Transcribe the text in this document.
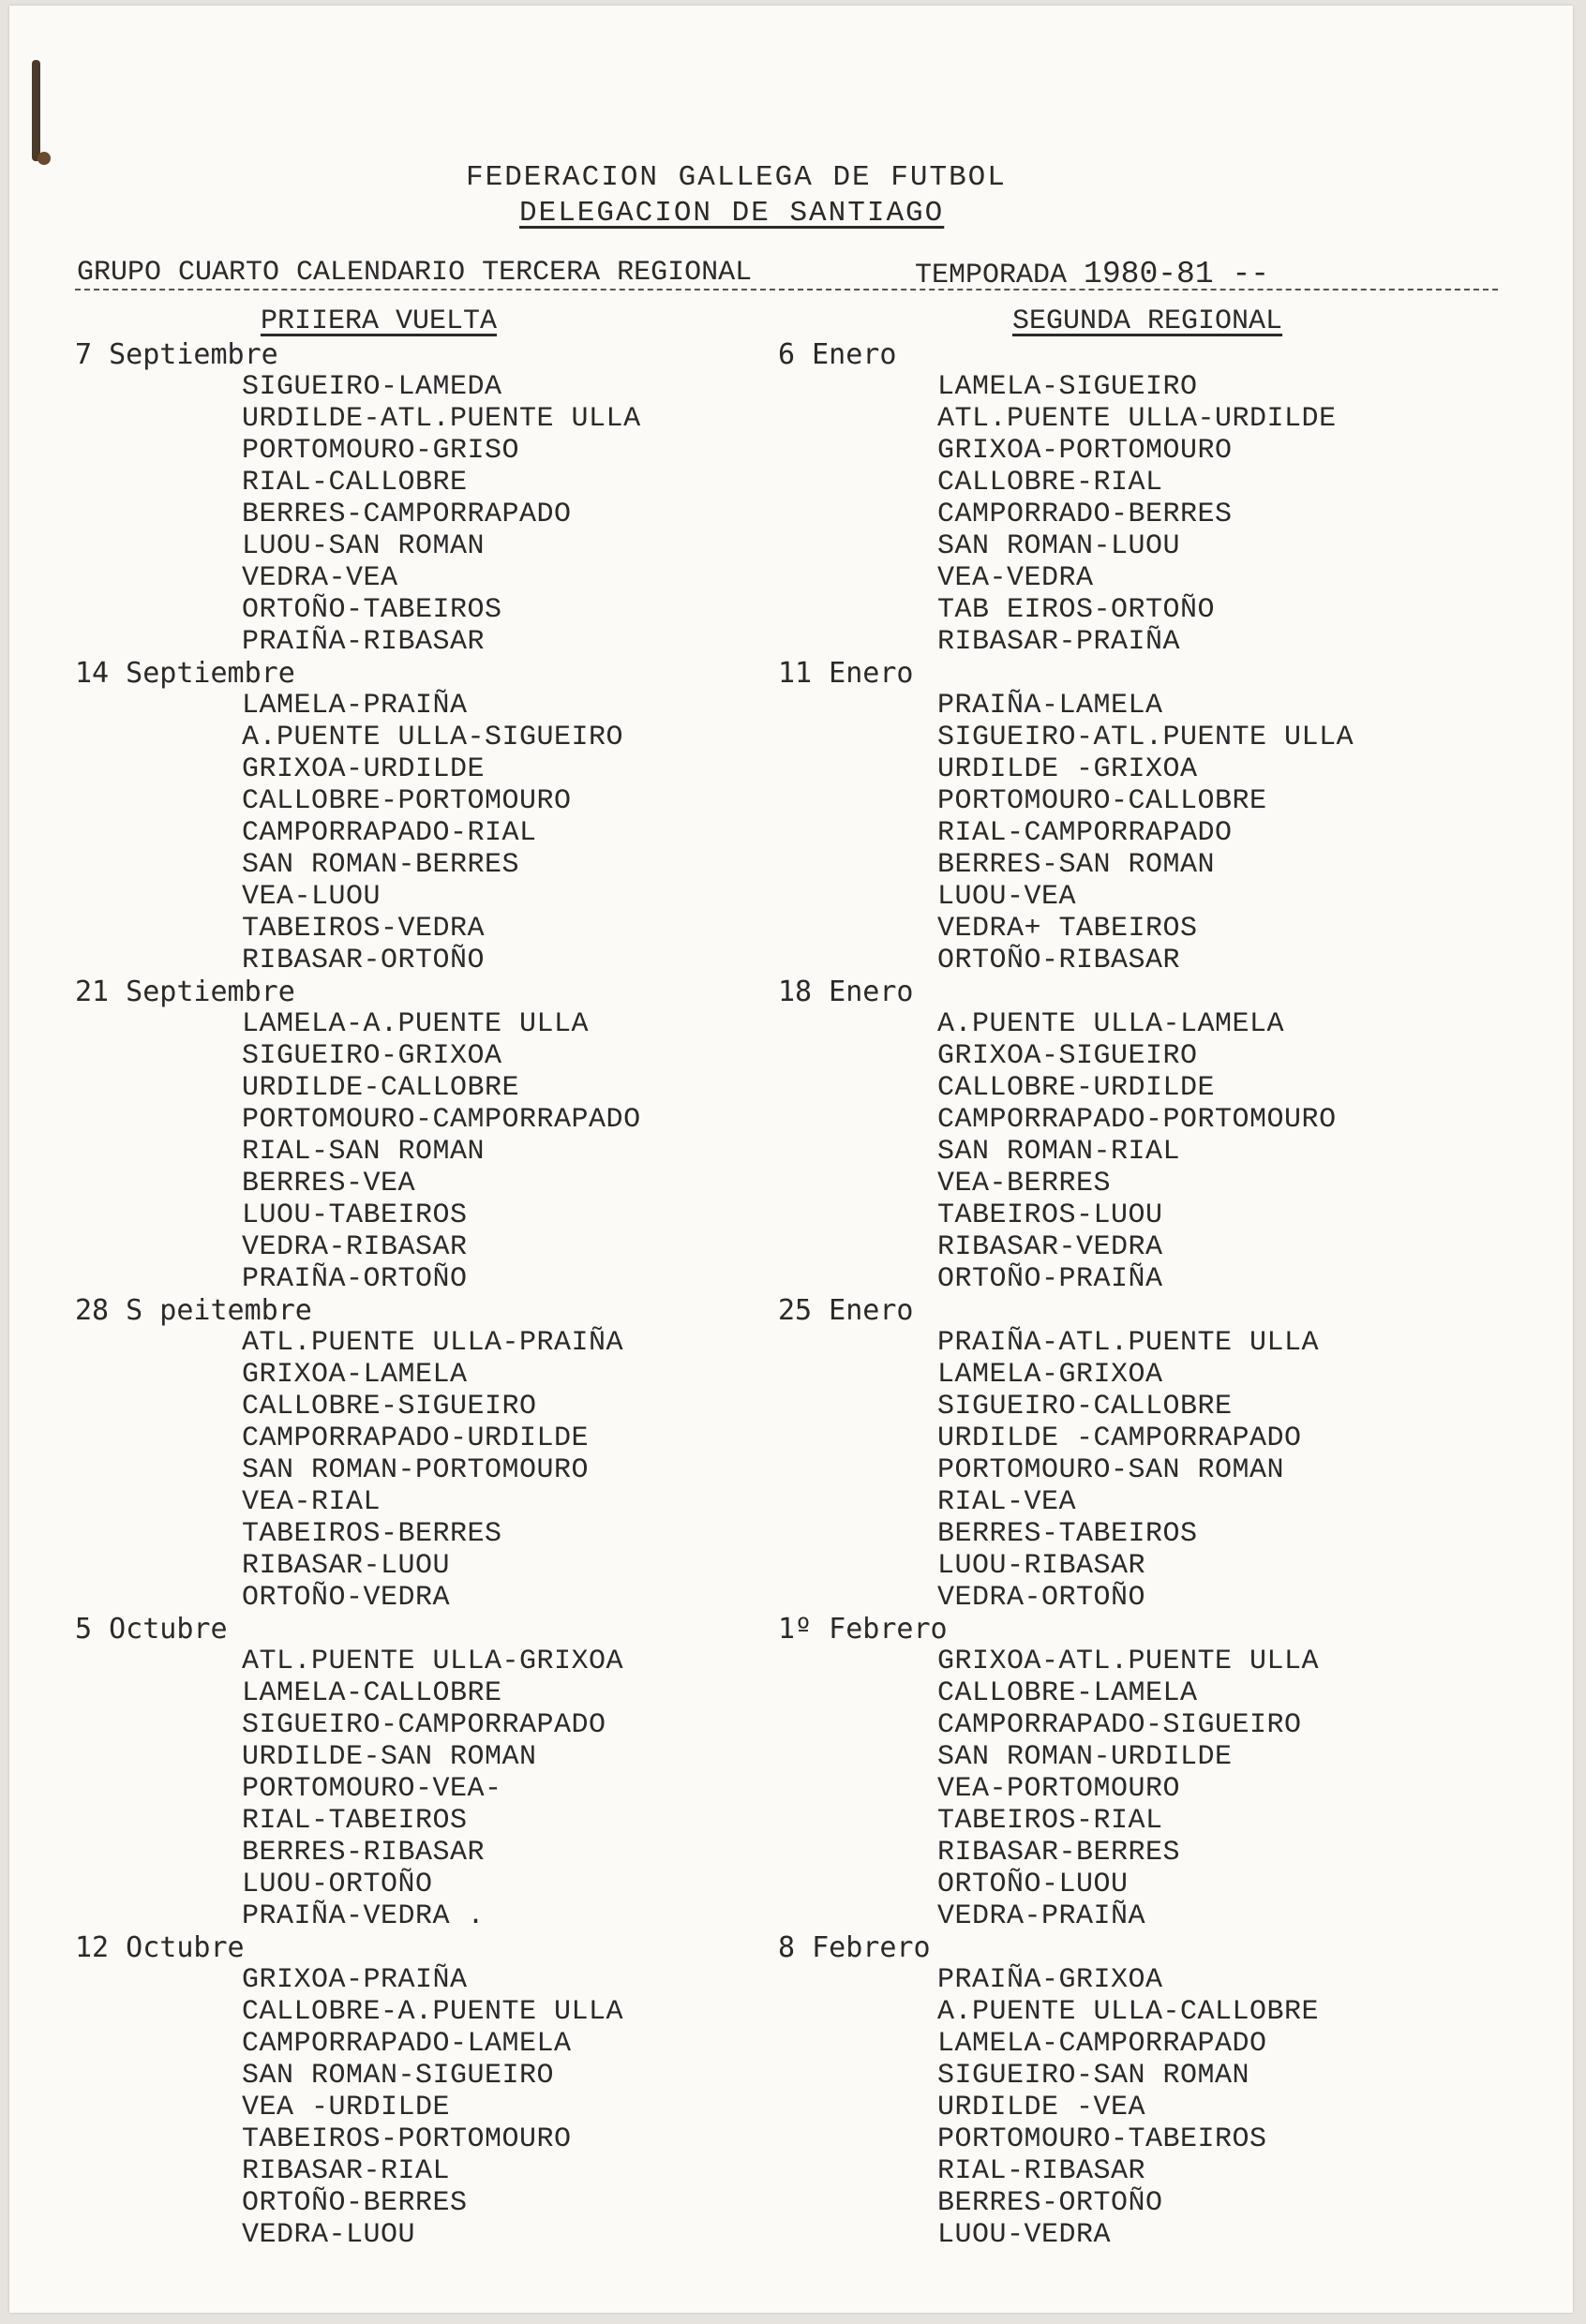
FEDERACION GALLEGA DE FUTBOL
DELEGACION DE SANTIAGO
GRUPO CUARTO CALENDARIO TERCERA REGIONAL	TEMPORADA 1980-81 --
PRIIERA VUELTA	SEGUNDA REGIONAL
7 Septiembre
SIGUEIRO-LAMEDA
URDILDE-ATL.PUENTE ULLA
PORTOMOURO-GRISO
RIAL-CALLOBRE
BERRES-CAMPORRAPADO
LUOU-SAN ROMAN
VEDRA-VEA
ORTOÑO-TABEIROS
PRAIÑA-RIBASAR
14 Septiembre
LAMELA-PRAIÑA
A.PUENTE ULLA-SIGUEIRO
GRIXOA-URDILDE
CALLOBRE-PORTOMOURO
CAMPORRAPADO-RIAL
SAN ROMAN-BERRES
VEA-LUOU
TABEIROS-VEDRA
RIBASAR-ORTOÑO
21 Septiembre
LAMELA-A.PUENTE ULLA
SIGUEIRO-GRIXOA
URDILDE-CALLOBRE
PORTOMOURO-CAMPORRAPADO
RIAL-SAN ROMAN
BERRES-VEA
LUOU-TABEIROS
VEDRA-RIBASAR
PRAIÑA-ORTOÑO
28 S peitembre
ATL.PUENTE ULLA-PRAIÑA
GRIXOA-LAMELA
CALLOBRE-SIGUEIRO
CAMPORRAPADO-URDILDE
SAN ROMAN-PORTOMOURO
VEA-RIAL
TABEIROS-BERRES
RIBASAR-LUOU
ORTOÑO-VEDRA
5 Octubre
ATL.PUENTE ULLA-GRIXOA
LAMELA-CALLOBRE
SIGUEIRO-CAMPORRAPADO
URDILDE-SAN ROMAN
PORTOMOURO-VEA-
RIAL-TABEIROS
BERRES-RIBASAR
LUOU-ORTOÑO
PRAIÑA-VEDRA .
12 Octubre
GRIXOA-PRAIÑA
CALLOBRE-A.PUENTE ULLA
CAMPORRAPADO-LAMELA
SAN ROMAN-SIGUEIRO
VEA -URDILDE
TABEIROS-PORTOMOURO
RIBASAR-RIAL
ORTOÑO-BERRES
VEDRA-LUOU
6 Enero
LAMELA-SIGUEIRO
ATL.PUENTE ULLA-URDILDE
GRIXOA-PORTOMOURO
CALLOBRE-RIAL
CAMPORRADO-BERRES
SAN ROMAN-LUOU
VEA-VEDRA
TAB EIROS-ORTOÑO
RIBASAR-PRAIÑA
11 Enero
PRAIÑA-LAMELA
SIGUEIRO-ATL.PUENTE ULLA
URDILDE -GRIXOA
PORTOMOURO-CALLOBRE
RIAL-CAMPORRAPADO
BERRES-SAN ROMAN
LUOU-VEA
VEDRA+ TABEIROS
ORTOÑO-RIBASAR
18 Enero
A.PUENTE ULLA-LAMELA
GRIXOA-SIGUEIRO
CALLOBRE-URDILDE
CAMPORRAPADO-PORTOMOURO
SAN ROMAN-RIAL
VEA-BERRES
TABEIROS-LUOU
RIBASAR-VEDRA
ORTOÑO-PRAIÑA
25 Enero
PRAIÑA-ATL.PUENTE ULLA
LAMELA-GRIXOA
SIGUEIRO-CALLOBRE
URDILDE -CAMPORRAPADO
PORTOMOURO-SAN ROMAN
RIAL-VEA
BERRES-TABEIROS
LUOU-RIBASAR
VEDRA-ORTOÑO
1º Febrero
GRIXOA-ATL.PUENTE ULLA
CALLOBRE-LAMELA
CAMPORRAPADO-SIGUEIRO
SAN ROMAN-URDILDE
VEA-PORTOMOURO
TABEIROS-RIAL
RIBASAR-BERRES
ORTOÑO-LUOU
VEDRA-PRAIÑA
8 Febrero
PRAIÑA-GRIXOA
A.PUENTE ULLA-CALLOBRE
LAMELA-CAMPORRAPADO
SIGUEIRO-SAN ROMAN
URDILDE -VEA
PORTOMOURO-TABEIROS
RIAL-RIBASAR
BERRES-ORTOÑO
LUOU-VEDRA
